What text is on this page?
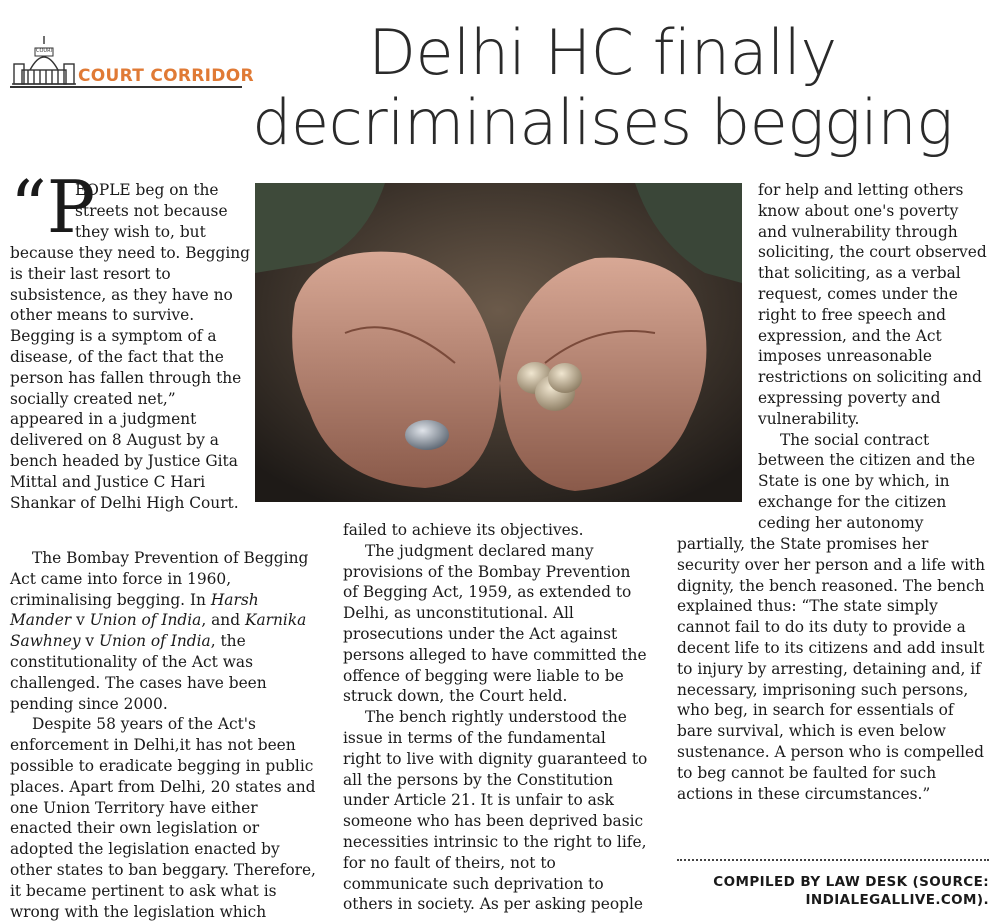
COURT
COURT CORRIDOR	Delhi HC finally decriminalises begging
“P
EOPLE beg on the streets not because they wish to, but
because they need to. Begging is their last resort to subsistence, as they have no other means to survive. Begging is a symptom of a disease, of the fact that the person has fallen through the socially created net,” appeared in a judgment delivered on 8 August by a bench headed by Justice Gita Mittal and Justice C Hari Shankar of Delhi High Court.

The Bombay Prevention of Begging Act came into force in 1960, criminalising begging. In Harsh Mander v Union of India, and Karnika Sawhney v Union of India, the constitutionality of the Act was challenged. The cases have been pending since 2000.

Despite 58 years of the Act's enforcement in Delhi,it has not been possible to eradicate begging in public places. Apart from Delhi, 20 states and one Union Territory have either enacted their own legislation or adopted the legislation enacted by other states to ban beggary. Therefore, it became pertinent to ask what is wrong with the legislation which

failed to achieve its objectives.

The judgment declared many provisions of the Bombay Prevention of Begging Act, 1959, as extended to Delhi, as unconstitutional. All prosecutions under the Act against persons alleged to have committed the offence of begging were liable to be struck down, the Court held.

The bench rightly understood the issue in terms of the fundamental right to live with dignity guaranteed to all the persons by the Constitution under Article 21. It is unfair to ask someone who has been deprived basic necessities intrinsic to the right to life, for no fault of theirs, not to communicate such deprivation to others in society. As per asking people

for help and letting others know about one's poverty and vulnerability through soliciting, the court observed that soliciting, as a verbal request, comes under the right to free speech and expression, and the Act imposes unreasonable restrictions on soliciting and expressing poverty and vulnerability.

The social contract between the citizen and the State is one by which, in exchange for the citizen ceding her autonomy

partially, the State promises her security over her person and a life with dignity, the bench reasoned. The bench explained thus: “The state simply cannot fail to do its duty to provide a decent life to its citizens and add insult to injury by arresting, detaining and, if necessary, imprisoning such persons, who beg, in search for essentials of bare survival, which is even below sustenance. A person who is compelled to beg cannot be faulted for such actions in these circumstances.”

COMPILED BY LAW DESK (SOURCE: INDIALEGALLIVE.COM).
